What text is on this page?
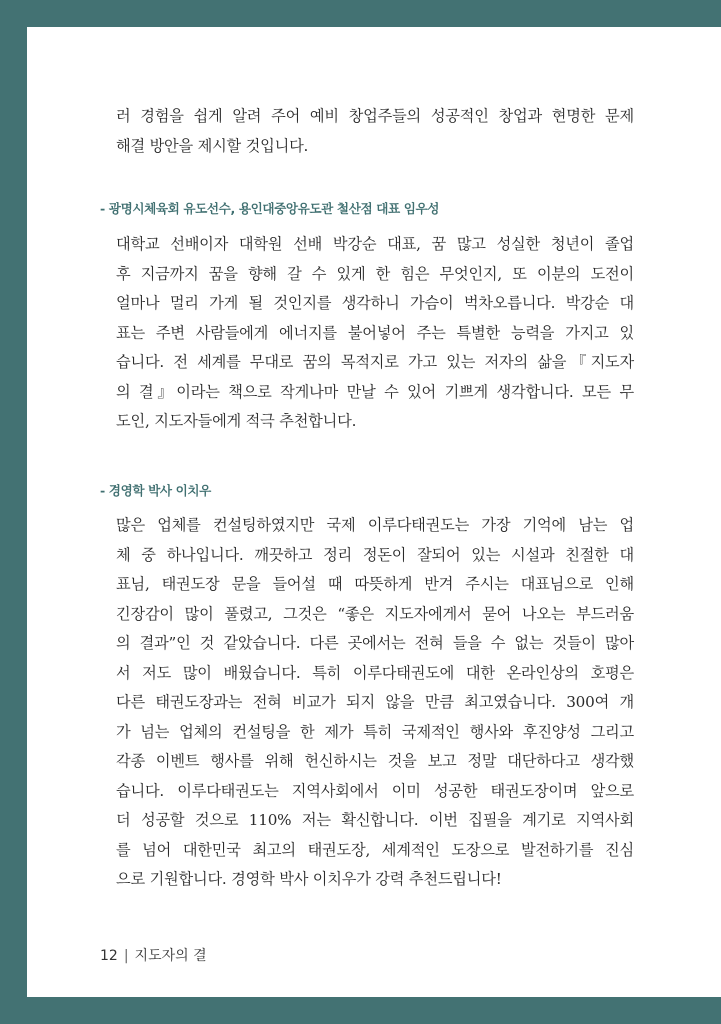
러 경험을 쉽게 알려 주어 예비 창업주들의 성공적인 창업과 현명한 문제
해결 방안을 제시할 것입니다.

- 광명시체육회 유도선수, 용인대중앙유도관 철산점 대표 임우성

대학교 선배이자 대학원 선배 박강순 대표, 꿈 많고 성실한 청년이 졸업
후 지금까지 꿈을 향해 갈 수 있게 한 힘은 무엇인지, 또 이분의 도전이
얼마나 멀리 가게 될 것인지를 생각하니 가슴이 벅차오릅니다. 박강순 대
표는 주변 사람들에게 에너지를 불어넣어 주는 특별한 능력을 가지고 있
습니다. 전 세계를 무대로 꿈의 목적지로 가고 있는 저자의 삶을『지도자
의 결』이라는 책으로 작게나마 만날 수 있어 기쁘게 생각합니다. 모든 무
도인, 지도자들에게 적극 추천합니다.

- 경영학 박사 이치우

많은 업체를 컨설팅하였지만 국제 이루다태권도는 가장 기억에 남는 업
체 중 하나입니다. 깨끗하고 정리 정돈이 잘되어 있는 시설과 친절한 대
표님, 태권도장 문을 들어설 때 따뜻하게 반겨 주시는 대표님으로 인해
긴장감이 많이 풀렸고, 그것은 “좋은 지도자에게서 묻어 나오는 부드러움
의 결과”인 것 같았습니다. 다른 곳에서는 전혀 들을 수 없는 것들이 많아
서 저도 많이 배웠습니다. 특히 이루다태권도에 대한 온라인상의 호평은
다른 태권도장과는 전혀 비교가 되지 않을 만큼 최고였습니다. 300여 개
가 넘는 업체의 컨설팅을 한 제가 특히 국제적인 행사와 후진양성 그리고
각종 이벤트 행사를 위해 헌신하시는 것을 보고 정말 대단하다고 생각했
습니다. 이루다태권도는 지역사회에서 이미 성공한 태권도장이며 앞으로
더 성공할 것으로 110% 저는 확신합니다. 이번 집필을 계기로 지역사회
를 넘어 대한민국 최고의 태권도장, 세계적인 도장으로 발전하기를 진심
으로 기원합니다. 경영학 박사 이치우가 강력 추천드립니다!
12 | 지도자의 결
